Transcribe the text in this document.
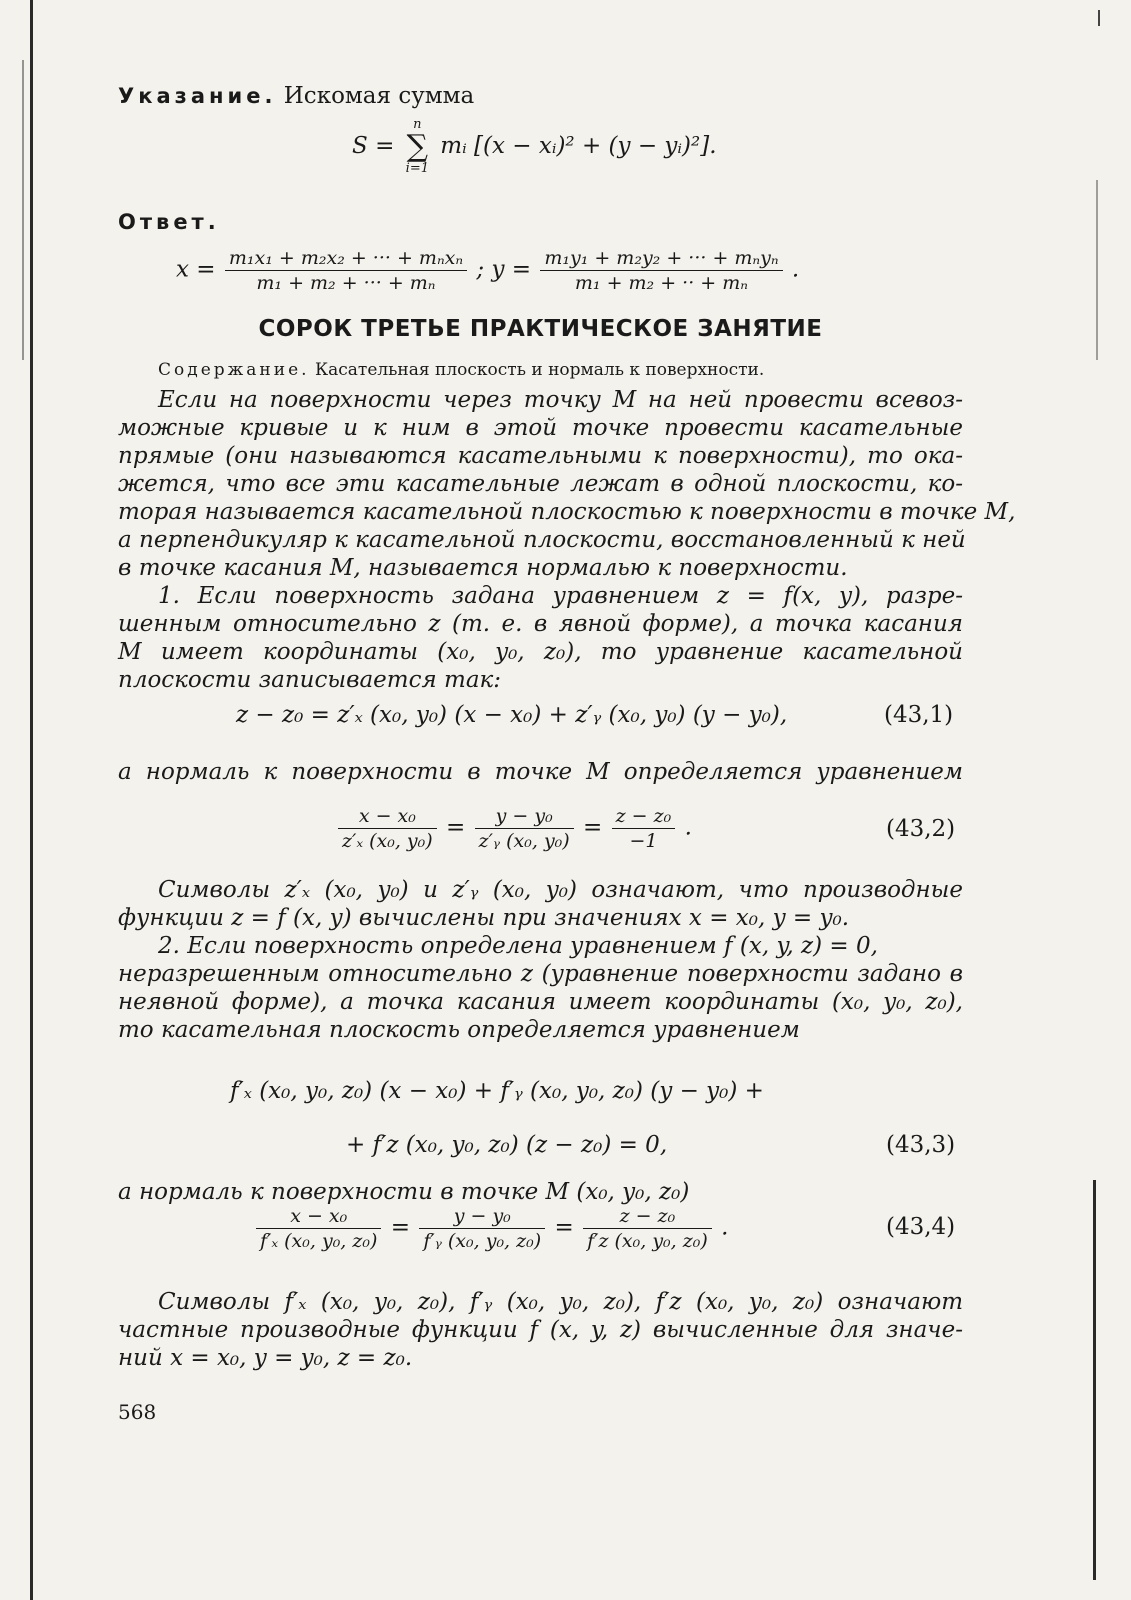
Указание. Искомая сумма
S =
n
∑
i=1
mᵢ [(x − xᵢ)² + (y − yᵢ)²].
Ответ.
$x = \frac{\text{m₁x₁ + m₂x₂ + ··· + mₙxₙ}}{\text{m₁ + m₂ + ··· + mₙ}}$ ; $y = \frac{\text{m₁y₁ + m₂y₂ + ··· + mₙyₙ}}{\text{m₁ + m₂ + ·· + mₙ}}$ .
СОРОК ТРЕТЬЕ ПРАКТИЧЕСКОЕ ЗАНЯТИЕ
Содержание. Касательная плоскость и нормаль к поверхности.
Если на поверхности через точку M на ней провести всевоз-
можные кривые и к ним в этой точке провести касательные
прямые (они называются касательными к поверхности), то ока-
жется, что все эти касательные лежат в одной плоскости, ко-
торая называется касательной плоскостью к поверхности в точке M,
а перпендикуляр к касательной плоскости, восстановленный к ней
в точке касания M, называется нормалью к поверхности.
1. Если поверхность задана уравнением z = f(x, y), разре-
шенным относительно z (т. е. в явной форме), а точка касания
M имеет координаты (x₀, y₀, z₀), то уравнение касательной
плоскости записывается так:
z − z₀ = z′ₓ (x₀, y₀) (x − x₀) + z′ᵧ (x₀, y₀) (y − y₀),	(43,1)
а нормаль к поверхности в точке M определяется уравнением
$\frac{\text{x − x₀}}{\text{z′ₓ (x₀, y₀)}} = \frac{\text{y − y₀}}{\text{z′ᵧ (x₀, y₀)}} = \frac{\text{z − z₀}}{-1}$ .	(43,2)
Символы z′ₓ (x₀, y₀) и z′ᵧ (x₀, y₀) означают, что производные
функции z = f (x, y) вычислены при значениях x = x₀, y = y₀.
2. Если поверхность определена уравнением f (x, y, z) = 0,
неразрешенным относительно z (уравнение поверхности задано в
неявной форме), а точка касания имеет координаты (x₀, y₀, z₀),
то касательная плоскость определяется уравнением
f′ₓ (x₀, y₀, z₀) (x − x₀) + f′ᵧ (x₀, y₀, z₀) (y − y₀) +
+ f′z (x₀, y₀, z₀) (z − z₀) = 0,	(43,3)
а нормаль к поверхности в точке M (x₀, y₀, z₀)
$\frac{\text{x − x₀}}{\text{f′ₓ (x₀, y₀, z₀)}} = \frac{\text{y − y₀}}{\text{f′ᵧ (x₀, y₀, z₀)}} = \frac{\text{z − z₀}}{\text{f′z (x₀, y₀, z₀)}}$ .	(43,4)
Символы f′ₓ (x₀, y₀, z₀), f′ᵧ (x₀, y₀, z₀), f′z (x₀, y₀, z₀) означают
частные производные функции f (x, y, z) вычисленные для значе-
ний x = x₀, y = y₀, z = z₀.
568
